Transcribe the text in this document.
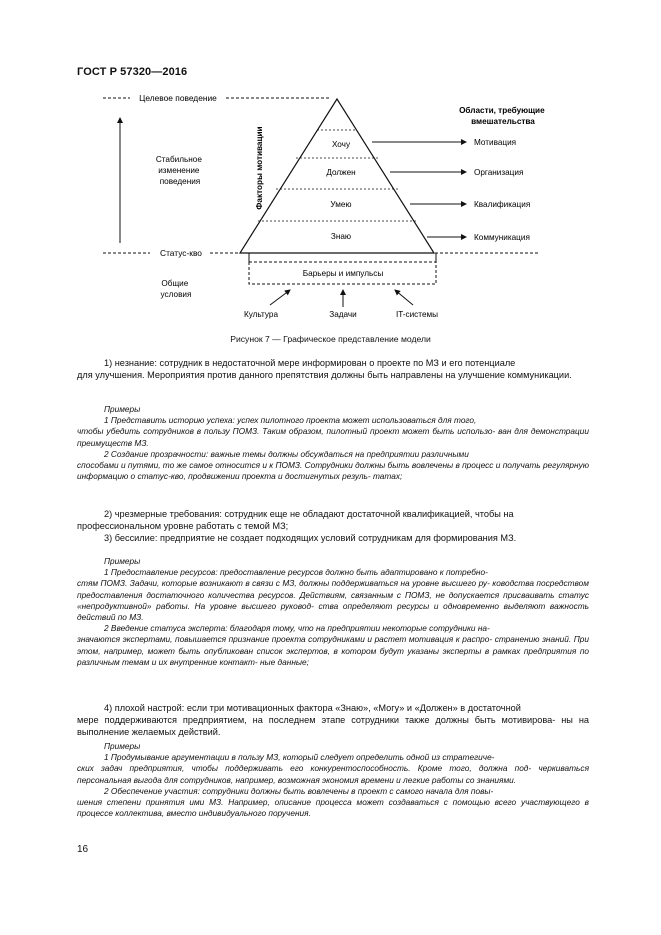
ГОСТ Р 57320—2016
Целевое поведение
Стабильное изменение поведения
Статус-кво
Общие условия
Факторы мотивации	Хочу
Должен
Умею
Знаю
Области, требующие вмешательства
Мотивация
Организация
Квалификация
Коммуникация
Барьеры и импульсы
Культура	Задачи	IT-системы
Рисунок 7 — Графическое представление модели

1) незнание: сотрудник в недостаточной мере информирован о проекте по МЗ и его потенциале

для улучшения. Мероприятия против данного препятствия должны быть направлены на улучшение коммуникации.

Примеры

1 Представить историю успеха: успех пилотного проекта может использоваться для того,

чтобы убедить сотрудников в пользу ПОМЗ. Таким образом, пилотный проект может быть использо- ван для демонстрации преимуществ МЗ.

2 Создание прозрачности: важные темы должны обсуждаться на предприятии различными

способами и путями, то же самое относится и к ПОМЗ. Сотрудники должны быть вовлечены в процесс и получать регулярную информацию о статус-кво, продвижении проекта и достигнутых резуль- татах;

2) чрезмерные требования: сотрудник еще не обладают достаточной квалификацией, чтобы на

профессиональном уровне работать с темой МЗ;

3) бессилие: предприятие не создает подходящих условий сотрудникам для формирования МЗ.

Примеры

1 Предоставление ресурсов: предоставление ресурсов должно быть адаптировано к потребно-

стям ПОМЗ. Задачи, которые возникают в связи с МЗ, должны поддерживаться на уровне высшего ру- ководства посредством предоставления достаточного количества ресурсов. Действиям, связанным с ПОМЗ, не допускается присваивать статус «непродуктивной» работы. На уровне высшего руковод- ства определяют ресурсы и одновременно выделяют важность действий по МЗ.

2 Введение статуса эксперта: благодаря тому, что на предприятии некоторые сотрудники на-

значаются экспертами, повышается признание проекта сотрудниками и растет мотивация к распро- странению знаний. При этом, например, может быть опубликован список экспертов, в котором будут указаны эксперты в рамках предприятия по различным темам и их внутренние контакт- ные данные;

4) плохой настрой: если три мотивационных фактора «Знаю», «Могу» и «Должен» в достаточной

мере поддерживаются предприятием, на последнем этапе сотрудники также должны быть мотивирова- ны на выполнение желаемых действий.

Примеры

1 Продумывание аргументации в пользу МЗ, который следует определить одной из стратегиче-

ских задач предприятия, чтобы поддерживать его конкурентоспособность. Кроме того, должна под- черкиваться персональная выгода для сотрудников, например, возможная экономия времени и легкие работы со знаниями.

2 Обеспечение участия: сотрудники должны быть вовлечены в проект с самого начала для повы-

шения степени принятия ими МЗ. Например, описание процесса может создаваться с помощью всего участвующего в процессе коллектива, вместо индивидуального поручения.

16
